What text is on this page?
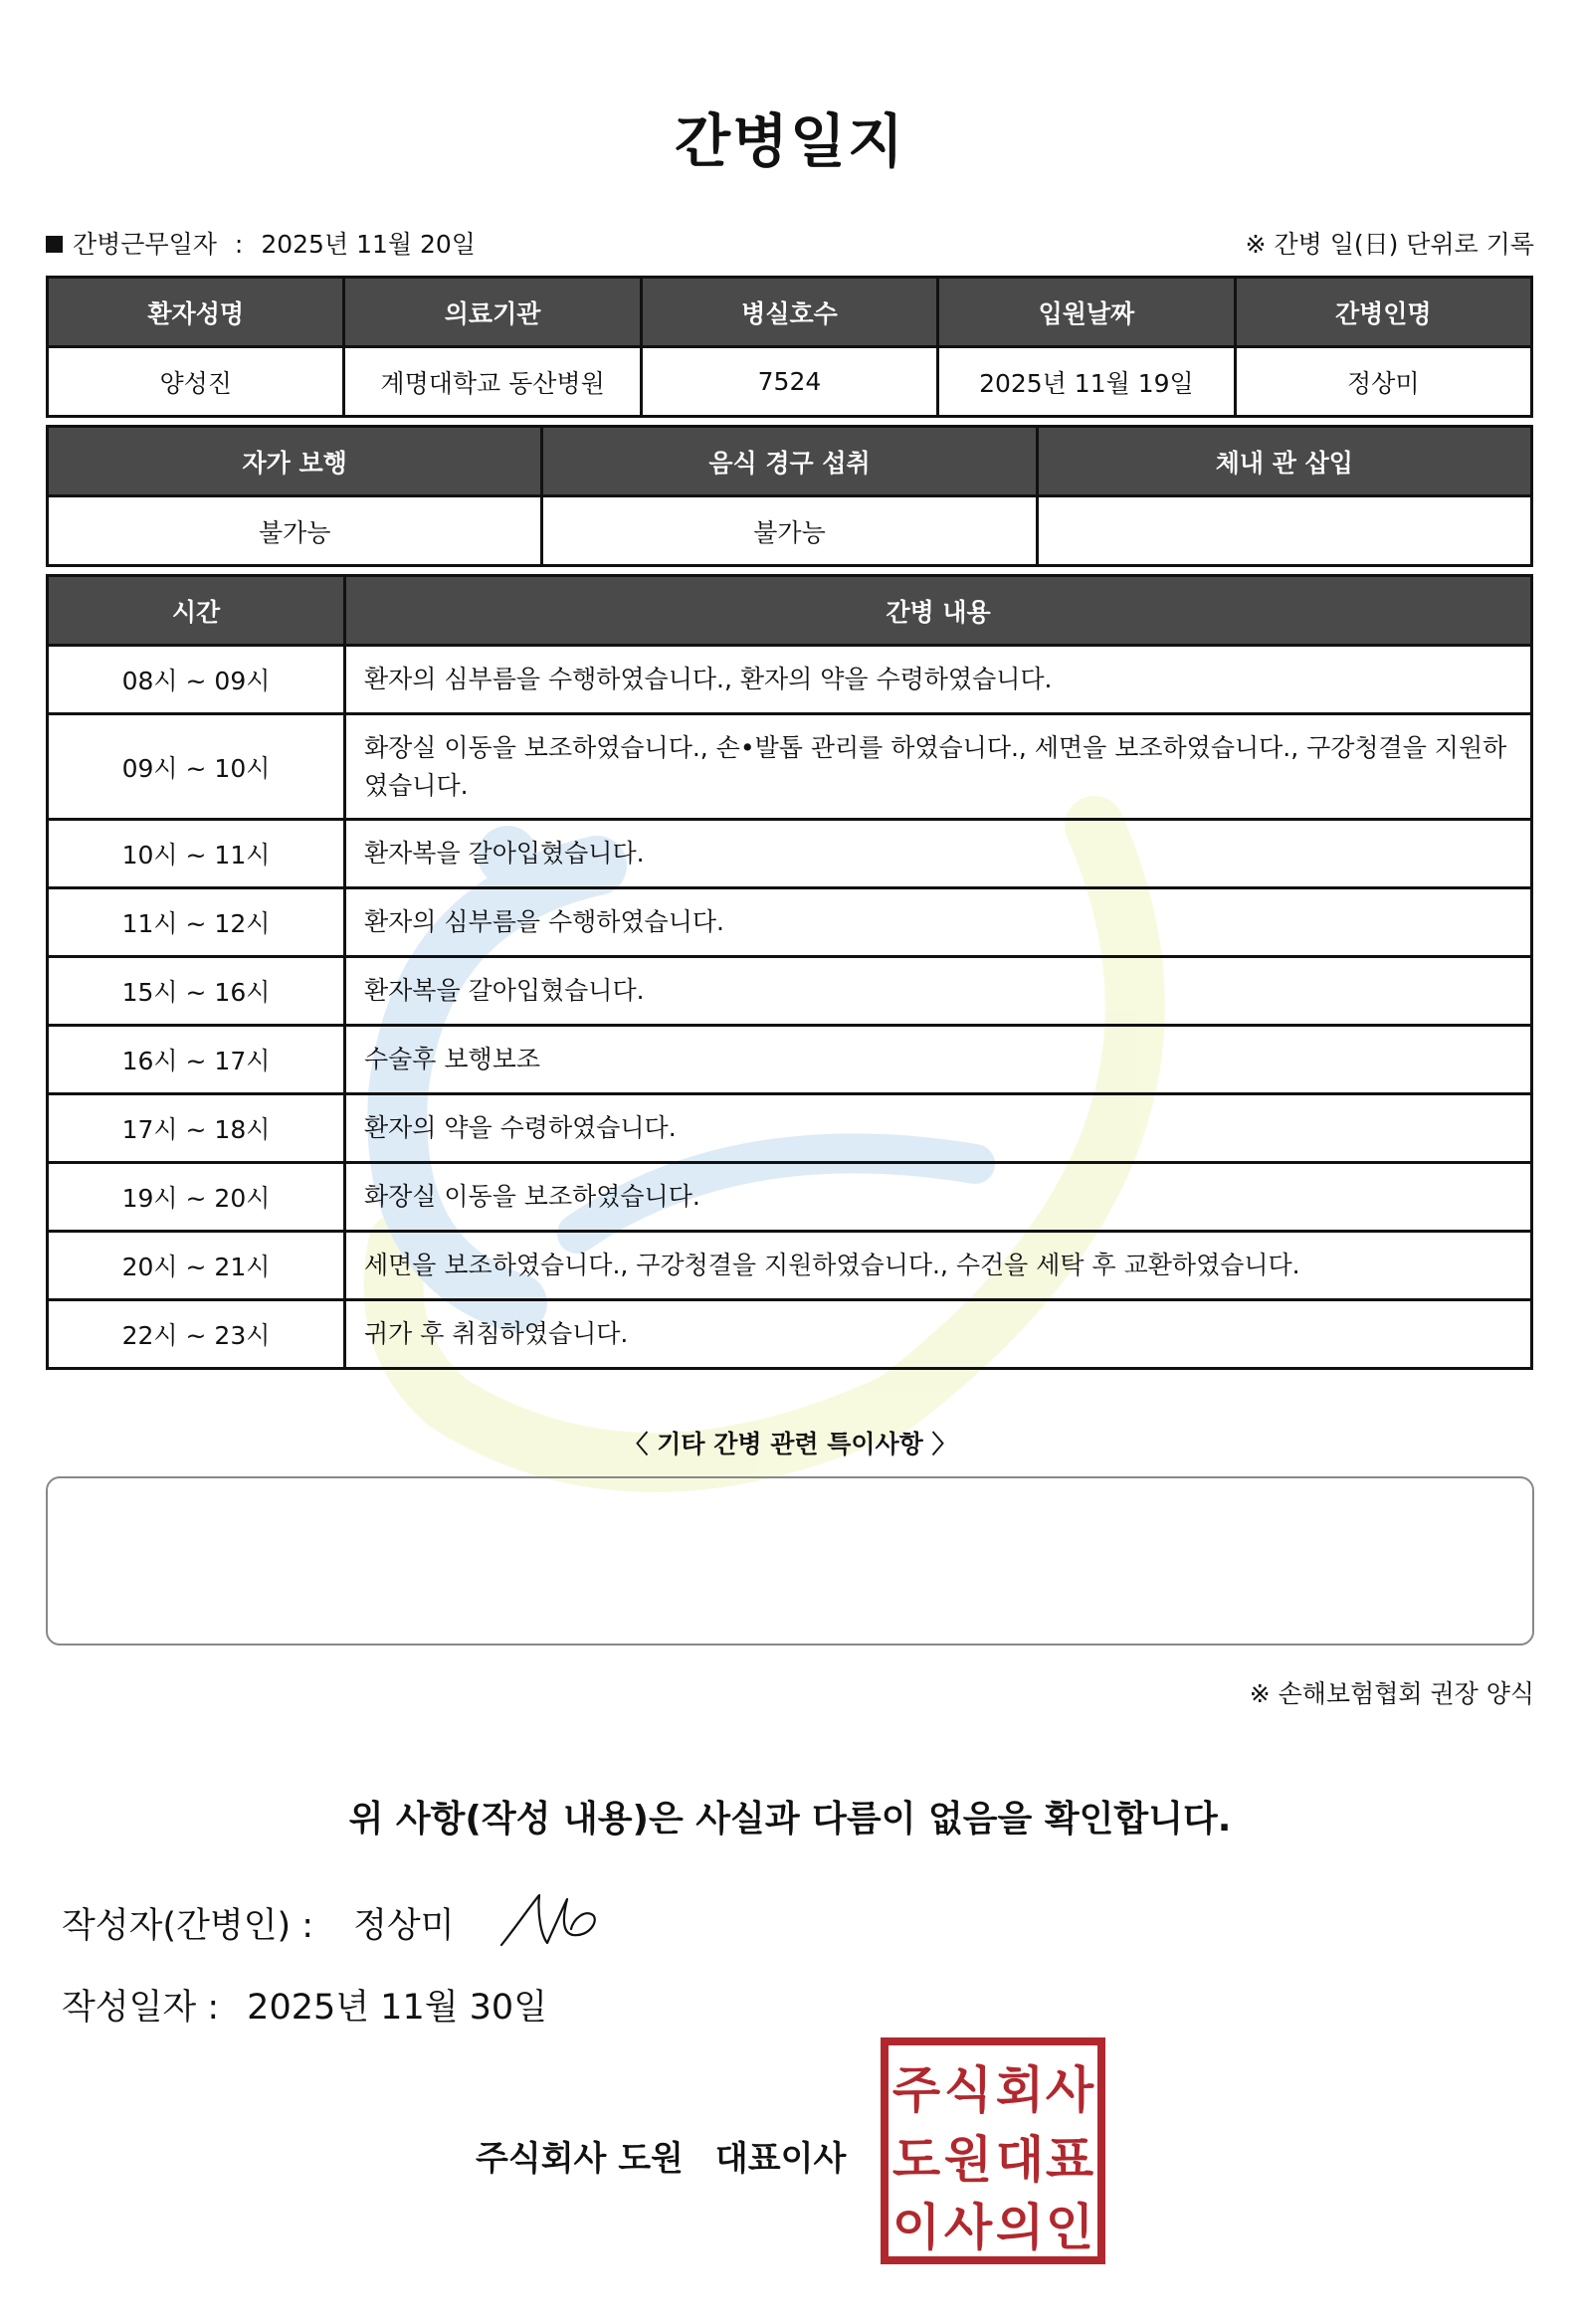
간병일지
간병근무일자 : 2025년 11월 20일	※ 간병 일(日) 단위로 기록
환자성명	의료기관	병실호수	입원날짜	간병인명
양성진	계명대학교 동산병원	7524	2025년 11월 19일	정상미
자가 보행	음식 경구 섭취	체내 관 삽입
불가능	불가능	
시간	간병 내용
08시 ~ 09시	환자의 심부름을 수행하였습니다., 환자의 약을 수령하였습니다.
09시 ~ 10시	화장실 이동을 보조하였습니다., 손•발톱 관리를 하였습니다., 세면을 보조하였습니다., 구강청결을 지원하였습니다.
10시 ~ 11시	환자복을 갈아입혔습니다.
11시 ~ 12시	환자의 심부름을 수행하였습니다.
15시 ~ 16시	환자복을 갈아입혔습니다.
16시 ~ 17시	수술후 보행보조
17시 ~ 18시	환자의 약을 수령하였습니다.
19시 ~ 20시	화장실 이동을 보조하였습니다.
20시 ~ 21시	세면을 보조하였습니다., 구강청결을 지원하였습니다., 수건을 세탁 후 교환하였습니다.
22시 ~ 23시	귀가 후 취침하였습니다.
〈 기타 간병 관련 특이사항 〉
※ 손해보험협회 권장 양식
위 사항(작성 내용)은 사실과 다름이 없음을 확인합니다.
작성자(간병인) : 정상미
작성일자 : 2025년 11월 30일
주식회사 도원 대표이사
주 식 회 사
도 원 대 표
이 사 의 인
